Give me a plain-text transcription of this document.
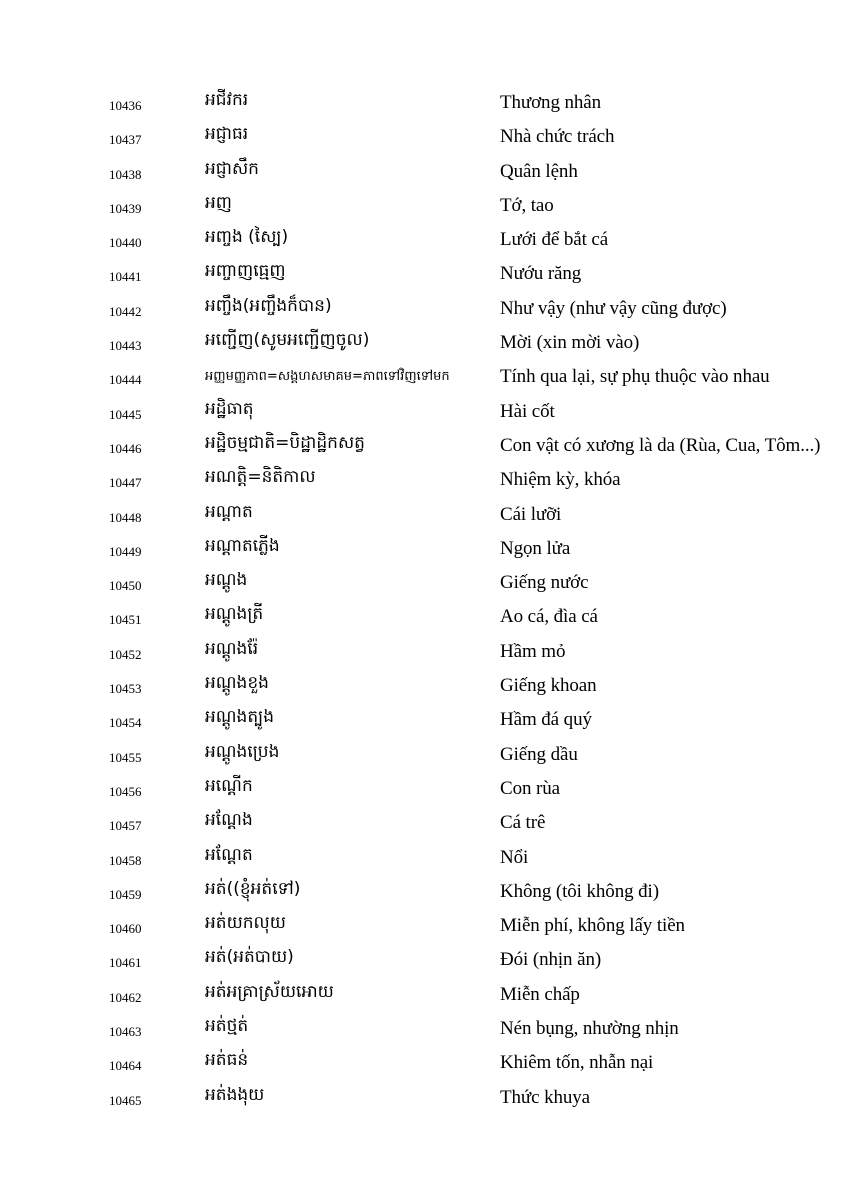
10436	អជីវករ	Thương nhân
10437	អជ្ញាធរ	Nhà chức trách
10438	អជ្ញាសឹក	Quân lệnh
10439	អញ	Tớ, tao
10440	អញ្ចង (ស្បៃ)	Lưới để bắt cá
10441	អញ្ចាញធ្មេញ	Nướu răng
10442	អញ្ចឹង(អញ្ចឹងក៏បាន)	Như vậy (như vậy cũng được)
10443	អញ្ជើញ(សូមអញ្ជើញចូល)	Mời (xin mời vào)
10444	អញ្ញមញ្ញភាព=សង្គហសមាគម=ភាពទៅវិញទៅមក	Tính qua lại, sự phụ thuộc vào nhau
10445	អដ្ឋិធាតុ	Hài cốt
10446	អដ្ឋិចម្មជាតិ=បិដ្ឋាដ្ឋិកសត្វ	Con vật có xương là da (Rùa, Cua, Tôm...)
10447	អណត្តិ=និតិកាល	Nhiệm kỳ, khóa
10448	អណ្តាត	Cái lưỡi
10449	អណ្តាតភ្លើង	Ngọn lửa
10450	អណ្តូង	Giếng nước
10451	អណ្តូងត្រី	Ao cá, đìa cá
10452	អណ្តូងរ៉ែ	Hầm mỏ
10453	អណ្តូងខួង	Giếng khoan
10454	អណ្តូងត្បូង	Hầm đá quý
10455	អណ្តូងប្រេង	Giếng dầu
10456	អណ្តើក	Con rùa
10457	អណ្តែង	Cá trê
10458	អណ្តែត	Nổi
10459	អត់((ខ្ញុំអត់ទៅ)	Không (tôi không đi)
10460	អត់យកលុយ	Miễn phí, không lấy tiền
10461	អត់(អត់បាយ)	Đói (nhịn ăn)
10462	អត់អគ្រាស្រ័យអោយ	Miễn chấp
10463	អត់ថ្មត់	Nén bụng, nhường nhịn
10464	អត់ធន់	Khiêm tốn, nhẫn nại
10465	អត់ងងុយ	Thức khuya
